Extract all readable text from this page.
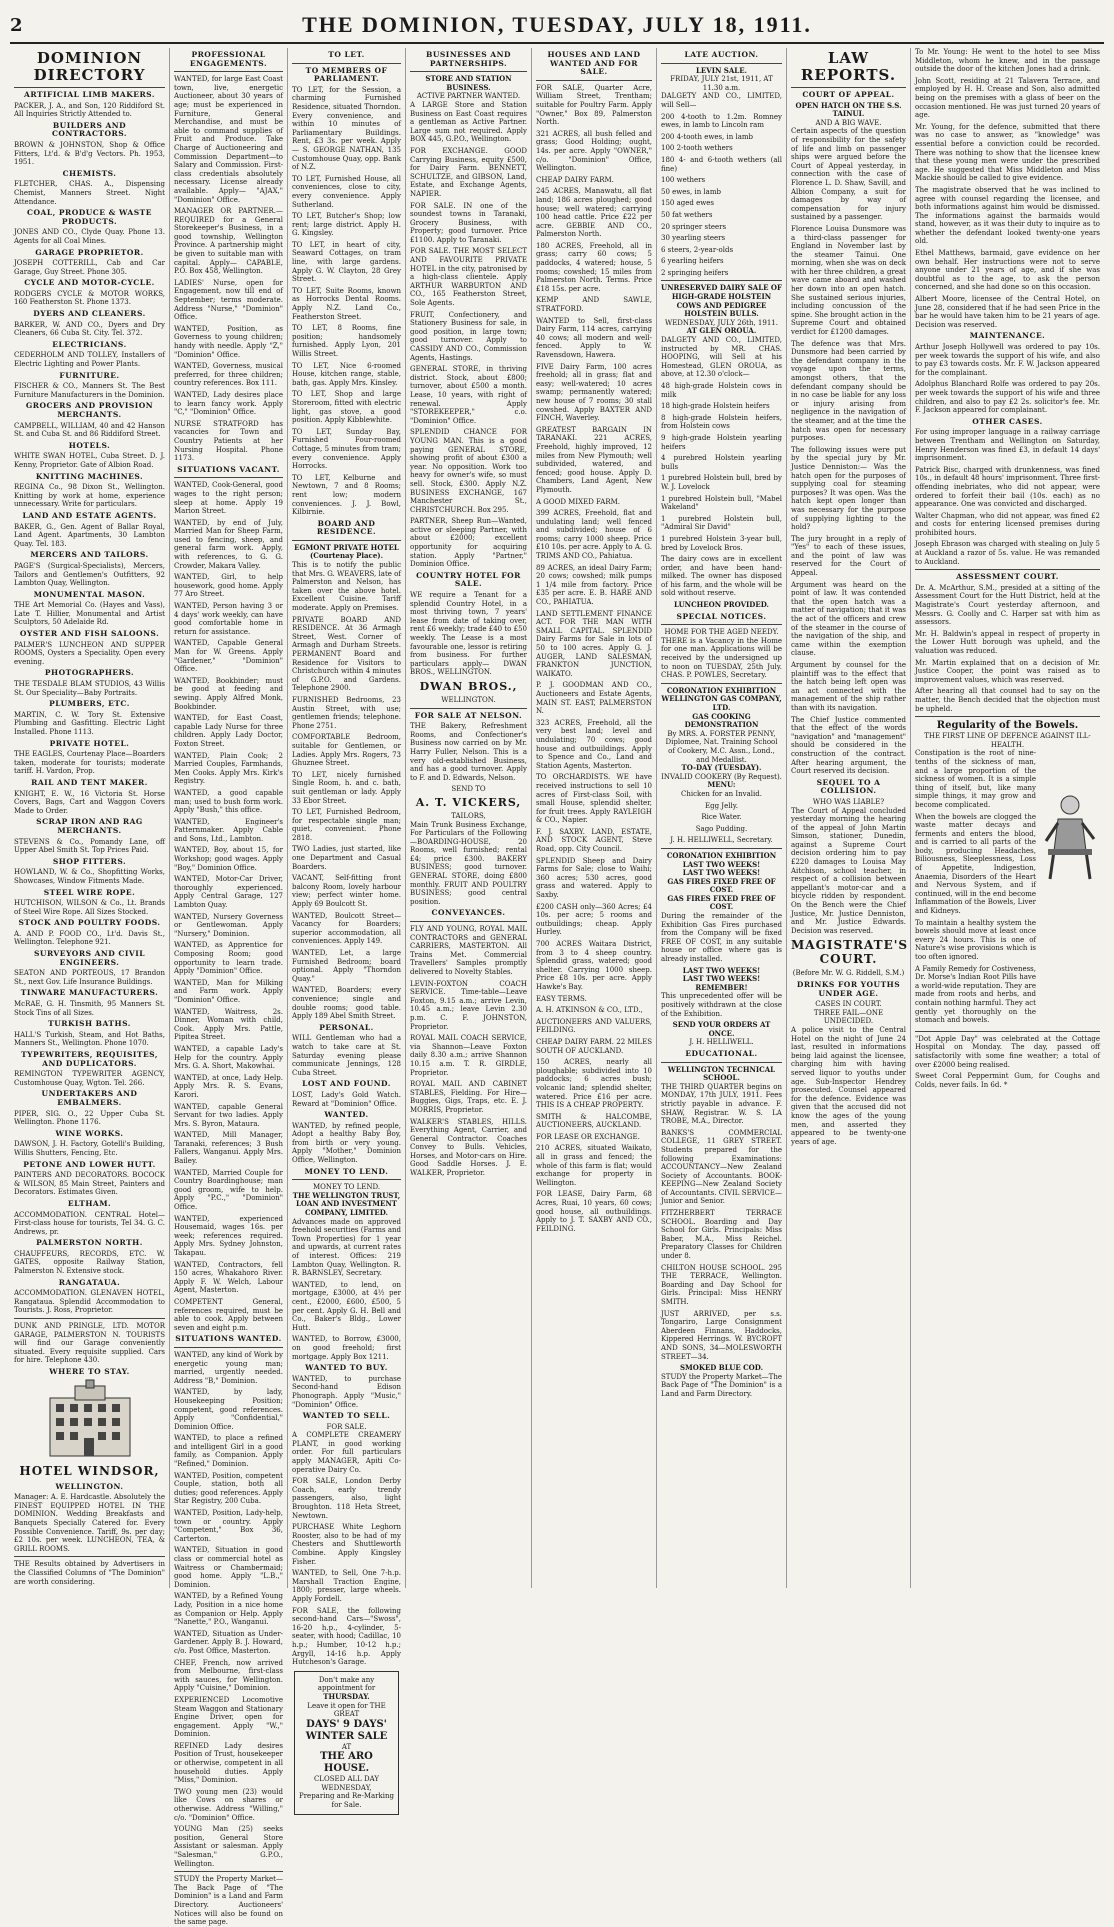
2	THE DOMINION, TUESDAY, JULY 18, 1911.
DOMINION DIRECTORY
ARTIFICIAL LIMB MAKERS.

PACKER, J. A., and Son, 120 Riddiford St. All Inquiries Strictly Attended to.

BUILDERS AND CONTRACTORS.

BROWN & JOHNSTON, Shop & Office Fitters, Lt'd. & B'd'g Vectors. Ph. 1953, 1951.

CHEMISTS.

FLETCHER, CHAS. A., Dispensing Chemist, Manners Street. Night Attendance.

COAL, PRODUCE & WASTE PRODUCTS.

JONES AND CO., Clyde Quay. Phone 13. Agents for all Coal Mines.

GARAGE PROPRIETOR.

JOSEPH COTTERILL, Cab and Car Garage, Guy Street. Phone 305.

CYCLE AND MOTOR-CYCLE.

RODGERS CYCLE & MOTOR WORKS, 160 Featherston St. Phone 1373.

DYERS AND CLEANERS.

BARKER, W. AND CO., Dyers and Dry Cleaners, 66 Cuba St. City. Tel. 372.

ELECTRICIANS.

CEDERHOLM AND TOLLEY, Installers of Electric Lighting and Power Plants.

FURNITURE.

FISCHER & CO., Manners St. The Best Furniture Manufacturers in the Dominion.

GROCERS AND PROVISION MERCHANTS.

CAMPBELL, WILLIAM, 40 and 42 Hanson St. and Cuba St. and 86 Riddiford Street.

HOTELS.

WHITE SWAN HOTEL, Cuba Street. D. J. Kenny, Proprietor. Gate of Albion Road.

KNITTING MACHINES.

REGINA Co., 98 Dixon St., Wellington. Knitting by work at home, experience unnecessary. Write for particulars.

LAND AND ESTATE AGENTS.

BAKER, G., Gen. Agent of Ballar Royal, Land Agent. Apartments, 30 Lambton Quay. Tel. 183.

MERCERS AND TAILORS.

PAGE'S (Surgical-Specialists), Mercers, Tailors and Gentlemen's Outfitters, 92 Lambton Quay, Wellington.

MONUMENTAL MASON.

THE Art Memorial Co. (Hayes and Vass), Late T. Hillier, Monumental and Artist Sculptors, 50 Adelaide Rd.

OYSTER AND FISH SALOONS.

PALMER'S LUNCHEON AND SUPPER ROOMS, Oysters a Speciality. Open every evening.

PHOTOGRAPHERS.

THE TESDALE BLAM STUDIOS, 43 Willis St. Our Speciality—Baby Portraits.

PLUMBERS, ETC.

MARTIN, C. W. Tory St. Extensive Plumbing and Gasfitting. Electric Light Installed. Phone 1113.

PRIVATE HOTEL.

THE EAGLES, Courtenay Place—Boarders taken, moderate for tourists; moderate tariff. H. Vardon, Prop.

RAIL AND TENT MAKER.

KNIGHT, E. W., 16 Victoria St. Horse Covers, Bags, Cart and Waggon Covers Made to Order.

SCRAP IRON AND RAG MERCHANTS.

STEVENS & Co., Pomandy Lane, off Upper Abel Smith St. Top Prices Paid.

SHOP FITTERS.

HOWLAND, W. & Co., Shopfitting Works, Showcases, Window Fitments Made.

STEEL WIRE ROPE.

HUTCHISON, WILSON & Co., Lt. Brands of Steel Wire Rope. All Sizes Stocked.

STOCK AND POULTRY FOODS.

A. AND P. FOOD CO., Lt'd. Davis St., Wellington. Telephone 921.

SURVEYORS AND CIVIL ENGINEERS.

SEATON AND PORTEOUS, 17 Brandon St., next Gov. Life Insurance Buildings.

TINWARE MANUFACTURERS.

McRAE, G. H. Tinsmith, 95 Manners St. Stock Tins of all Sizes.

TURKISH BATHS.

HALL'S Turkish, Steam, and Hot Baths, Manners St., Wellington. Phone 1070.

TYPEWRITERS, REQUISITES, AND DUPLICATORS.

REMINGTON TYPEWRITER AGENCY, Customhouse Quay, Wgton. Tel. 266.

UNDERTAKERS AND EMBALMERS.

PIPER, SIG. O., 22 Upper Cuba St. Wellington. Phone 1176.

WINE WORKS.

DAWSON, J. H. Factory, Gotelli's Building, Willis Shutters, Fencing, Etc.

PETONE AND LOWER HUTT.

PAINTERS AND DECORATORS. BOCOCK & WILSON, 85 Main Street, Painters and Decorators. Estimates Given.

ELTHAM.

ACCOMMODATION. CENTRAL Hotel—First-class house for tourists, Tel 34. G. C. Andrews, pr.

PALMERSTON NORTH.

CHAUFFEURS, RECORDS, ETC. W. GATES, opposite Railway Station, Palmerston N. Extensive stock.

RANGATAUA.

ACCOMMODATION. GLENAVEN HOTEL, Rangataua. Splendid Accommodation to Tourists. J. Ross, Proprietor.

DUNK AND PRINGLE, LTD. MOTOR GARAGE, PALMERSTON N. TOURISTS will find our Garage conveniently situated. Every requisite supplied. Cars for hire. Telephone 430.

WHERE TO STAY.
HOTEL WINDSOR,
WELLINGTON.

Manager: A. E. Hardcastle. Absolutely the FINEST EQUIPPED HOTEL IN THE DOMINION. Wedding Breakfasts and Banquets Specially Catered for. Every Possible Convenience. Tariff, 9s. per day; £2 10s. per week. LUNCHEON, TEA, & GRILL ROOMS.

THE Results obtained by Advertisers in the Classified Columns of "The Dominion" are worth considering.

PROFESSIONAL ENGAGEMENTS.

WANTED, for large East Coast town, live, energetic Auctioneer, about 30 years of age; must be experienced in Furniture, General Merchandise, and must be able to command supplies of Fruit and Produce. Take Charge of Auctioneering and Commission Department—to Salary and Commission. First-class credentials absolutely necessary. License already available. Apply— "AJAX," "Dominion" Office.

MANAGER OR PARTNER.—REQUIRED for a General Storekeeper's Business, in a good township, Wellington Province. A partnership might be given to suitable man with capital. Apply— CAPABLE, P.O. Box 458, Wellington.

LADIES' Nurse, open for Engagement, now till end of September; terms moderate. Address "Nurse," "Dominion" Office.

WANTED, Position, as Governess to young children; handy with needle. Apply "Z," "Dominion" Office.

WANTED, Governess, musical preferred, for three children; country references. Box 111.

WANTED, Lady desires place to learn fancy work. Apply "C," "Dominion" Office.

NURSE STRATFORD has vacancies for Town and Country Patients at her Nursing Hospital. Phone 1173.

SITUATIONS VACANT.

WANTED, Cook-General, good wages to the right person; sleep at home. Apply 19 Marion Street.

WANTED, by end of July, Married Man for Sheep Farm, used to fencing, sheep, and general farm work. Apply, with references, to G. G. Crowder, Makara Valley.

WANTED, Girl, to help housework, good home. Apply 77 Aro Street.

WANTED, Person having 3 or 4 days' work weekly, can have good comfortable home in return for assistance.

WANTED, Capable General Man for W. Greens. Apply "Gardener," "Dominion" Office.

WANTED, Bookbinder; must be good at feeding and sewing. Apply Alfred Monk, Bookbinder.

WANTED, for East Coast, capable Lady Nurse for three children. Apply Lady Doctor, Foxton Street.

WANTED, Plain Cook; 2 Married Couples, Farmhands, Men Cooks. Apply Mrs. Kirk's Registry.

WANTED, a good capable man; used to bush form work. Apply "Bush," this office.

WANTED, Engineer's Patternmaker. Apply Cable and Sons, Ltd., Lambton.

WANTED, Boy, about 15, for Workshop; good wages. Apply "Boy," Dominion Office.

WANTED, Motor-Car Driver, thoroughly experienced. Apply Central Garage, 127 Lambton Quay.

WANTED, Nursery Governess or Gentlewoman. Apply "Nursery," Dominion.

WANTED, as Apprentice for Composing Room; good opportunity to learn trade. Apply "Dominion" Office.

WANTED, Man for Milking and Farm work. Apply "Dominion" Office.

WANTED, Waitress, 2s. Dinner, Woman with child, Cook. Apply Mrs. Pattle, Pipitea Street.

WANTED, a capable Lady's Help for the country. Apply Mrs. G. A. Short, Makowhai.

WANTED, at once, Lady Help. Apply Mrs. R. S. Evans, Karori.

WANTED, capable General Servant for two ladies. Apply Mrs. S. Byron, Mataura.

WANTED, Mill Manager, Taranaki, references; 3 Bush Fallers, Wanganui. Apply Mrs. Bailey.

WANTED, Married Couple for Country Boardinghouse; man good groom, wife to help. Apply "P.C.," "Dominion" Office.

WANTED, experienced Housemaid, wages 16s. per week; references required. Apply Mrs. Sydney Johnston, Takapau.

WANTED, Contractors, fell 150 acres, Whakahoro River. Apply F. W. Welch, Labour Agent, Masterton.

COMPETENT General, references required, must be able to cook. Apply between seven and eight p.m.

SITUATIONS WANTED.

WANTED, any kind of Work by energetic young man; married, urgently needed. Address "B," Dominion.

WANTED, by lady, Housekeeping Position; competent, good references. Apply "Confidential," Dominion Office.

WANTED, to place a refined and intelligent Girl in a good family, as Companion. Apply "Refined," Dominion.

WANTED, Position, competent Couple, station, both all duties; good references. Apply Star Registry, 200 Cuba.

WANTED, Position, Lady-help, town or country. Apply "Competent," Box 36, Carterton.

WANTED, Situation in good class or commercial hotel as Waitress or Chambermaid; good home. Apply "L.B.," Dominion.

WANTED, by a Refined Young Lady, Position in a nice home as Companion or Help. Apply "Nanette," P.O., Wanganui.

WANTED, Situation as Under-Gardener. Apply B. J. Howard, c/o. Post Office, Masterton.

CHEF, French, now arrived from Melbourne, first-class with sauces, for Wellington. Apply "Cuisine," Dominion.

EXPERIENCED Locomotive Steam Waggon and Stationary Engine Driver, open for engagement. Apply "W.," Dominion.

REFINED Lady desires Position of Trust, housekeeper or otherwise, competent in all household duties. Apply "Miss," Dominion.

TWO young men (23) would like Cows on shares or otherwise. Address "Willing," c/o. "Dominion" Office.

YOUNG Man (25) seeks position, General Store Assistant or salesman. Apply "Salesman," G.P.O., Wellington.

STUDY the Property Market—The Back Page of "The Dominion" is a Land and Farm Directory. Auctioneers' Notices will also be found on the same page.

TO LET.
TO MEMBERS OF PARLIAMENT.

TO LET, for the Session, a charming Furnished Residence, situated Thorndon. Every convenience, and within 10 minutes of Parliamentary Buildings. Rent, £3 3s. per week. Apply— S. GEORGE NATHAN, 135 Customhouse Quay, opp. Bank of N.Z.

TO LET, Furnished House, all conveniences, close to city, every convenience. Apply Sutherland.

TO LET, Butcher's Shop; low rent; large district. Apply H. G. Kingsley.

TO LET, in heart of city, Seaward Cottages, on tram line, with large gardens. Apply G. W. Clayton, 28 Grey Street.

TO LET, Suite Rooms, known as Horrocks Dental Rooms. Apply N.Z. Land Co., Featherston Street.

TO LET, 8 Rooms, fine position; handsomely furnished. Apply Lyon, 201 Willis Street.

TO LET, Nice 6-roomed House, kitchen range, stable, bath, gas. Apply Mrs. Kinsley.

TO LET, Shop and large Storeroom, fitted with electric light, gas stove, a good position. Apply Kibblewhite.

TO LET, Sunday Bay, Furnished Four-roomed Cottage, 5 minutes from tram; every convenience. Apply Horrocks.

TO LET, Kelburne and Newtown, 7 and 8 Rooms; rent low; modern conveniences. J. J. Bowl, Kilbirnie.

BOARD AND RESIDENCE.
EGMONT PRIVATE HOTEL (Courtenay Place).

This is to notify the public that Mrs. G. WEAVERS, late of Palmerston and Nelson, has taken over the above hotel. Excellent Cuisine. Tariff moderate. Apply on Premises.

PRIVATE BOARD AND RESIDENCE. At 36 Armagh Street, West. Corner of Armagh and Durham Streets. PERMANENT Board and Residence for Visitors to Christchurch within 4 minutes of G.P.O. and Gardens. Telephone 2900.

FURNISHED Bedrooms, 23 Austin Street, with use; gentlemen friends; telephone. Phone 2751.

COMFORTABLE Bedroom, suitable for Gentlemen, or Ladies. Apply Mrs. Rogers, 73 Ghuznee Street.

TO LET, nicely furnished Single Room, h. and c. bath, suit gentleman or lady. Apply 33 Ebor Street.

TO LET, Furnished Bedroom, for respectable single man; quiet, convenient. Phone 2818.

TWO Ladies, just started, like one Department and Casual Boarders.

VACANT, Self-fitting front balcony Room, lovely harbour view; perfect winter home. Apply 69 Boulcott St.

WANTED, Boulcott Street—Vacancy for Boarders; superior accommodation, all conveniences. Apply 149.

WANTED, Let, a large Furnished Bedroom; board optional. Apply "Thorndon Quay."

WANTED, Boarders; every convenience; single and double rooms; good table. Apply 189 Abel Smith Street.

PERSONAL.

WILL Gentleman who had a watch to take care at St. Saturday evening please communicate Jennings, 128 Cuba Street.

LOST AND FOUND.

LOST, Lady's Gold Watch. Reward at "Dominion" Office.

WANTED.

WANTED, by refined people, Adopt a healthy Baby Boy, from birth or very young. Apply "Mother," Dominion Office, Wellington.

MONEY TO LEND.
MONEY TO LEND.
THE WELLINGTON TRUST, LOAN AND INVESTMENT COMPANY, LIMITED.

Advances made on approved freehold securities (Farms and Town Properties) for 1 year and upwards, at current rates of interest. Offices: 219 Lambton Quay, Wellington. R. R. BARNSLEY, Secretary.

WANTED, to lend, on mortgage, £3000, at 4½ per cent., £2000, £600, £500, 5 per cent. Apply G. H. Bell and Co., Baker's Bldg., Lower Hutt.

WANTED, to Borrow, £3000, on good freehold; first mortgage. Apply Box 1211.

WANTED TO BUY.

WANTED, to purchase Second-hand Edison Phonograph. Apply "Music," "Dominion" Office.

WANTED TO SELL.
FOR SALE.

A COMPLETE CREAMERY PLANT, in good working order. For full particulars apply MANAGER, Apiti Co-operative Dairy Co.

FOR SALE, London Derby Coach, early trendy passengers, also, light Broughton. 118 Heta Street, Newtown.

PURCHASE White Leghorn Rooster, also to be had of my Chesters and Shuttleworth Combine. Apply Kingsley Fisher.

WANTED, to Sell, One 7-h.p. Marshall Traction Engine, 1800; presser, large wheels. Apply Fordell.

FOR SALE, the following second-hand Cars—"Swoss", 16-20 h.p., 4-cylinder, 5-seater, with hood; Cadillac, 10 h.p.; Humber, 10-12 h.p.; Argyll, 14-16 h.p. Apply Hutcheson's Garage.

Don't make any appointment for
THURSDAY.
Leave it open for THE GREAT
DAYS' 9 DAYS'
WINTER SALE
AT
THE ARO HOUSE.
CLOSED ALL DAY WEDNESDAY,
Preparing and Re-Marking for Sale.
BUSINESSES AND PARTNERSHIPS.
STORE AND STATION BUSINESS.
ACTIVE PARTNER WANTED.

A LARGE Store and Station Business on East Coast requires a gentleman as Active Partner. Large sum not required. Apply BOX 445, G.P.O., Wellington.

FOR EXCHANGE. GOOD Carrying Business, equity £500, for Dairy Farm. BENNETT, SCHULTZE, and GIBSON, Land, Estate, and Exchange Agents, NAPIER.

FOR SALE. IN one of the soundest towns in Taranaki, Grocery Business, with Property; good turnover. Price £1100. Apply to Taranaki.

FOR SALE. THE MOST SELECT AND FAVOURITE PRIVATE HOTEL in the city, patronised by a high-class clientele. Apply ARTHUR WARBURTON AND CO., 165 Featherston Street, Sole Agents.

FRUIT, Confectionery, and Stationery Business for sale, in good position, in large town; good turnover. Apply to CASSIDY AND CO., Commission Agents, Hastings.

GENERAL STORE, in thriving district. Stock, about £800; turnover, about £500 a month. Lease, 10 years, with right of renewal. Apply "STOREKEEPER," c.o. "Dominion" Office.

SPLENDID CHANCE FOR YOUNG MAN. This is a good paying GENERAL STORE, showing profit of about £300 a year. No opposition. Work too heavy for owner's wife, so must sell. Stock, £300. Apply N.Z. BUSINESS EXCHANGE, 167 Manchester St., CHRISTCHURCH. Box 295.

PARTNER, Sheep Run—Wanted, active or sleeping Partner, with about £2000; excellent opportunity for acquiring station. Apply "Partner," Dominion Office.

COUNTRY HOTEL FOR SALE.

WE require a Tenant for a splendid Country Hotel, in a most thriving town, 7 years' lease from date of taking over, rent £6 weekly; trade £40 to £50 weekly. The Lease is a most favourable one, lessor is retiring from business. For further particulars apply— DWAN BROS., WELLINGTON.

DWAN BROS.,
WELLINGTON.
FOR SALE AT NELSON.

THE Bakery, Refreshment Rooms, and Confectioner's Business now carried on by Mr. Harry Fuller, Nelson. This is a very old-established Business, and has a good turnover. Apply to F. and D. Edwards, Nelson.

SEND TO
A. T. VICKERS,
TAILORS,

Main Trunk Business Exchange, For Particulars of the Following—BOARDING-HOUSE, 20 Rooms, well furnished; rental £4; price £300. BAKERY BUSINESS; good turnover. GENERAL STORE, doing £800 monthly. FRUIT AND POULTRY BUSINESS; good central position.

CONVEYANCES.

FLY AND YOUNG, ROYAL MAIL CONTRACTORS and GENERAL CARRIERS, MASTERTON. All Trains Met. Commercial Travellers' Samples promptly delivered to Novelty Stables.

LEVIN-FOXTON COACH SERVICE. Time-table—Leave Foxton, 9.15 a.m.; arrive Levin, 10.45 a.m.; leave Levin 2.30 p.m. C. F. JOHNSTON, Proprietor.

ROYAL MAIL COACH SERVICE, via Shannon—Leave Foxton daily 8.30 a.m.; arrive Shannon 10.15 a.m. T. R. GIRDLE, Proprietor.

ROYAL MAIL AND CABINET STABLES, Fielding. For Hire—Buggies, Gigs, Traps, etc. E. J. MORRIS, Proprietor.

WALKER'S STABLES, HILLS. Everything Agent, Carrier, and General Contractor. Coaches Convey to Bulls. Vehicles, Horses, and Motor-cars on Hire. Good Saddle Horses. J. E. WALKER, Proprietor.

HOUSES AND LAND WANTED AND FOR SALE.

FOR SALE, Quarter Acre, William Street, Trentham; suitable for Poultry Farm. Apply "Owner," Box 89, Palmerston North.

321 ACRES, all bush felled and grass; Good Holding; ought, 14s. per acre. Apply "OWNER," c/o. "Dominion" Office, Wellington.

CHEAP DAIRY FARM.

245 ACRES, Manawatu, all flat land; 186 acres ploughed; good house; well watered; carrying 100 head cattle. Price £22 per acre. GEBBIE AND CO., Palmerston North.

180 ACRES, Freehold, all in grass; carry 60 cows; 5 paddocks, 4 watered; house, 5 rooms; cowshed; 15 miles from Palmerston North. Terms. Price £18 15s. per acre.

KEMP AND SAWLE, STRATFORD.

WANTED to Sell, first-class Dairy Farm, 114 acres, carrying 40 cows; all modern and well-fenced. Apply to W. Ravensdown, Hawera.

FIVE Dairy Farm, 100 acres freehold; all in grass; flat and easy; well-watered; 10 acres swamp; permanently watered; new house of 7 rooms; 30 stall cowshed. Apply BAXTER AND FINCH, Waverley.

GREATEST BARGAIN IN TARANAKI. 221 ACRES, Freehold, highly improved, 12 miles from New Plymouth; well subdivided, watered, and fenced; good house. Apply D. Chambers, Land Agent, New Plymouth.

A GOOD MIXED FARM.

399 ACRES, Freehold, flat and undulating land; well fenced and subdivided; house of 6 rooms; carry 1000 sheep. Price £10 10s. per acre. Apply to A. G. TRIMS AND CO., Pahiatua.

89 ACRES, an ideal Dairy Farm; 20 cows; cowshed; milk pumps 1 1/4 mile from factory. Price £35 per acre. E. B. HARE AND CO., PAHIATUA.

LAND SETTLEMENT FINANCE ACT. FOR THE MAN WITH SMALL CAPITAL. SPLENDID Dairy Farms for Sale in lots of 50 to 100 acres. Apply G. J. AUGER, LAND SALESMAN, FRANKTON JUNCTION, WAIKATO.

P. J. GOODMAN AND CO., Auctioneers and Estate Agents, MAIN ST. EAST, PALMERSTON N.

323 ACRES, Freehold, all the very best land; level and undulating; 70 cows; good house and outbuildings. Apply to Spence and Co., Land and Station Agents, Masterton.

TO ORCHARDISTS. WE have received instructions to sell 10 acres of First-class Soil, with small House, splendid shelter, for fruit trees. Apply RAYLEIGH & CO., Napier.

F. J. SAXBY. LAND, ESTATE, AND STOCK AGENT, Steve Road, opp. City Council.

SPLENDID Sheep and Dairy Farms for Sale; close to Waihi; 360 acres; 530 acres, good grass and watered. Apply to Saxby.

£200 CASH only—360 Acres; £4 10s. per acre; 5 rooms and outbuildings; cheap. Apply Hurley.

700 ACRES Waitara District, from 3 to 4 sheep country. Splendid grass, watered; good shelter. Carrying 1000 sheep. Price £8 10s. per acre. Apply Hawke's Bay.

EASY TERMS.

A. H. ATKINSON & CO., LTD.,

AUCTIONEERS AND VALUERS, FEILDING.

CHEAP DAIRY FARM. 22 MILES SOUTH OF AUCKLAND.

150 ACRES, nearly all ploughable; subdivided into 10 paddocks; 6 acres bush; volcanic land; splendid shelter, watered. Price £16 per acre. THIS IS A CHEAP PROPERTY.

SMITH & HALCOMBE, AUCTIONEERS, AUCKLAND.

FOR LEASE OR EXCHANGE.

210 ACRES, situated Waikato, all in grass and fenced; the whole of this farm is flat; would exchange for property in Wellington.

FOR LEASE, Dairy Farm, 68 Acres, Ruai, 10 years, 60 cows; good house, all outbuildings. Apply to J. T. SAXBY AND CO., FEILDING.

LATE AUCTION.
LEVIN SALE.
FRIDAY, JULY 21st, 1911, AT 11.30 a.m.

DALGETY AND CO., LIMITED, will Sell—

200 4-tooth to 1.2m. Romney ewes, in lamb to Lincoln ram

200 4-tooth ewes, in lamb

100 2-tooth wethers

180 4- and 6-tooth wethers (all fine)

100 wethers

50 ewes, in lamb

150 aged ewes

50 fat wethers

20 springer steers

30 yearling steers

6 steers, 2-year-olds

6 yearling heifers

2 springing heifers

UNRESERVED DAIRY SALE OF HIGH-GRADE HOLSTEIN COWS AND PEDIGREE HOLSTEIN BULLS.
WEDNESDAY, JULY 26th, 1911.
AT GLEN OROUA.

DALGETY AND CO., LIMITED, instructed by MR. CHAS. HOOPING, will Sell at his Homestead, GLEN OROUA, as above, at 12.30 o'clock—

48 high-grade Holstein cows in milk

18 high-grade Holstein heifers

8 high-grade Holstein heifers, from Holstein cows

9 high-grade Holstein yearling heifers

4 purebred Holstein yearling bulls

1 purebred Holstein bull, bred by W. J. Lovelock

1 purebred Holstein bull, "Mabel Wakeland"

1 purebred Holstein bull, "Admiral Sir David"

1 purebred Holstein 3-year bull, bred by Lovelock Bros.

The dairy cows are in excellent order, and have been hand-milked. The owner has disposed of his farm, and the whole will be sold without reserve.

LUNCHEON PROVIDED.
SPECIAL NOTICES.
HOME FOR THE AGED NEEDY.

THERE is a Vacancy in the Home for one man. Applications will be received by the undersigned up to noon on TUESDAY, 25th July. CHAS. P. POWLES, Secretary.

CORONATION EXHIBITION
WELLINGTON GAS COMPANY, LTD.
GAS COOKING DEMONSTRATION
By MRS. A. FORSTER PENNY,
Diplomee, Nat. Training School of Cookery, M.C. Assn., Lond., and Medallist.
TO-DAY (TUESDAY).
INVALID COOKERY (By Request).
MENU:

Chicken for an Invalid.

Egg Jelly.

Rice Water.

Sago Pudding.

J. H. HELLIWELL, Secretary.
CORONATION EXHIBITION
LAST TWO WEEKS!
LAST TWO WEEKS!
GAS FIRES FIXED FREE OF COST.
GAS FIRES FIXED FREE OF COST.

During the remainder of the Exhibition Gas Fires purchased from the Company will be fixed FREE OF COST, in any suitable house or office where gas is already installed.

LAST TWO WEEKS!
LAST TWO WEEKS!
REMEMBER!

This unprecedented offer will be positively withdrawn at the close of the Exhibition.

SEND YOUR ORDERS AT ONCE.
J. H. HELLIWELL.
EDUCATIONAL.
WELLINGTON TECHNICAL SCHOOL.

THE THIRD QUARTER begins on MONDAY, 17th JULY, 1911. Fees strictly payable in advance. F. SHAW, Registrar. W. S. LA TROBE, M.A., Director.

BANKS'S COMMERCIAL COLLEGE, 11 GREY STREET. Students prepared for the following Examinations: ACCOUNTANCY—New Zealand Society of Accountants. BOOK-KEEPING—New Zealand Society of Accountants. CIVIL SERVICE—Junior and Senior.

FITZHERBERT TERRACE SCHOOL. Boarding and Day School for Girls. Principals: Miss Baber, M.A., Miss Reichel. Preparatory Classes for Children under 8.

CHILTON HOUSE SCHOOL. 295 THE TERRACE, Wellington. Boarding and Day School for Girls. Principal: Miss HENRY SMITH.

JUST ARRIVED, per s.s. Tongariro, Large Consignment Aberdeen Finnans, Haddocks, Kippered Herrings. W. BYCROFT AND SONS, 34—MOLESWORTH STREET—34.

SMOKED BLUE COD.

STUDY the Property Market—The Back Page of "The Dominion" is a Land and Farm Directory.

LAW REPORTS.
COURT OF APPEAL.
OPEN HATCH ON THE S.S. TAINUI.
AND A BIG WAVE.

Certain aspects of the question of responsibility for the safety of life and limb on passenger ships were argued before the Court of Appeal yesterday, in connection with the case of Florence L. D. Shaw, Savill, and Albion Company, a suit for damages by way of compensation for injury sustained by a passenger.

Florence Louisa Dunsmore was a third-class passenger for England in November last by the steamer Tainui. One morning, when she was on deck with her three children, a great wave came aboard and washed her down into an open hatch. She sustained serious injuries, including concussion of the spine. She brought action in the Supreme Court and obtained verdict for £1200 damages.

The defence was that Mrs. Dunsmore had been carried by the defendant company in the voyage upon the terms, amongst others, that the defendant company should be in no case be liable for any loss or injury arising from negligence in the navigation of the steamer, and at the time the hatch was open for necessary purposes.

The following issues were put by the special jury by Mr. Justice Denniston:— Was the hatch open for the purposes of supplying coal for steaming purposes? It was open. Was the hatch kept open longer than was necessary for the purpose of supplying lighting to the hold?

The jury brought in a reply of "Yes" to each of these issues, and the point of law was reserved for the Court of Appeal.

Argument was heard on the point of law. It was contended that the open hatch was a matter of navigation; that it was the act of the officers and crew of the steamer in the course of the navigation of the ship, and came within the exemption clause.

Argument by counsel for the plaintiff was to the effect that the hatch being left open was an act connected with the management of the ship rather than with its navigation.

The Chief Justice commented that the effect of the words "navigation" and "management" should be considered in the construction of the contract. After hearing argument, the Court reserved its decision.

SEQUEL TO A COLLISION.
WHO WAS LIABLE?

The Court of Appeal concluded yesterday morning the hearing of the appeal of John Martin Simson, stationer, Dunedin, against a Supreme Court decision ordering him to pay £220 damages to Louisa May Aitchison, school teacher, in respect of a collision between appellant's motor-car and a bicycle ridden by respondent. On the Bench were the Chief Justice, Mr. Justice Denniston, and Mr. Justice Edwards. Decision was reserved.

MAGISTRATE'S COURT.
(Before Mr. W. G. Riddell, S.M.)
DRINKS FOR YOUTHS UNDER AGE.
CASES IN COURT.
THREE FAIL—ONE UNDECIDED.

A police visit to the Central Hotel on the night of June 24 last, resulted in informations being laid against the licensee, charging him with having served liquor to youths under age. Sub-Inspector Hendrey prosecuted. Counsel appeared for the defence. Evidence was given that the accused did not know the ages of the young men, and asserted they appeared to be twenty-one years of age.

To Mr. Young: He went to the hotel to see Miss Middleton, whom he knew, and in the passage outside the door of the kitchen Jones had a drink.

John Scott, residing at 21 Talavera Terrace, and employed by H. H. Crease and Son, also admitted being on the premises with a glass of beer on the occasion mentioned. He was just turned 20 years of age.

Mr. Young, for the defence, submitted that there was no case to answer, as "knowledge" was essential before a conviction could be recorded. There was nothing to show that the licensee knew that these young men were under the prescribed age. He suggested that Miss Middleton and Miss Mackie should be called to give evidence.

The magistrate observed that he was inclined to agree with counsel regarding the licensee, and both informations against him would be dismissed. The informations against the barmaids would stand, however, as it was their duty to inquire as to whether the defendant looked twenty-one years old.

Ethel Matthews, barmaid, gave evidence on her own behalf. Her instructions were not to serve anyone under 21 years of age, and if she was doubtful as to the age, to ask the person concerned, and she had done so on this occasion.

Albert Moore, licensee of the Central Hotel, on June 28, considered that if he had seen Price in the bar he would have taken him to be 21 years of age. Decision was reserved.

MAINTENANCE.

Arthur Joseph Hollywell was ordered to pay 10s. per week towards the support of his wife, and also to pay £3 towards costs. Mr. F. W. Jackson appeared for the complainant.

Adolphus Blanchard Rolfe was ordered to pay 20s. per week towards the support of his wife and three children, and also to pay £2 2s. solicitor's fee. Mr. F. Jackson appeared for complainant.

OTHER CASES.

For using improper language in a railway carriage between Trentham and Wellington on Saturday, Henry Henderson was fined £3, in default 14 days' imprisonment.

Patrick Bisc, charged with drunkenness, was fined 10s., in default 48 hours' imprisonment. Three first-offending inebriates, who did not appear, were ordered to forfeit their bail (10s. each) as no appearance. One was convicted and discharged.

Walter Chapman, who did not appear, was fined £2 and costs for entering licensed premises during prohibited hours.

Joseph Ebrason was charged with stealing on July 5 at Auckland a razor of 5s. value. He was remanded to Auckland.

ASSESSMENT COURT.

Dr. A. McArthur, S.M., presided at a sitting of the Assessment Court for the Hutt District, held at the Magistrate's Court yesterday afternoon, and Messrs. G. Coolly and C. Harper sat with him as assessors.

Mr. H. Baldwin's appeal in respect of property in the Lower Hutt borough was upheld, and the valuation was reduced.

Mr. Martin explained that on a decision of Mr. Justice Cooper, the point was raised as to improvement values, which was reserved.

After hearing all that counsel had to say on the matter, the Bench decided that the objection must be upheld.

Regularity of the Bowels.
THE FIRST LINE OF DEFENCE AGAINST ILL-HEALTH.

Constipation is the root of nine-tenths of the sickness of man, and a large proportion of the sickness of women. It is a simple thing of itself, but, like many simple things, it may grow and become complicated.

When the bowels are clogged the waste matter decays and ferments and enters the blood, and is carried to all parts of the body, producing Headaches, Biliousness, Sleeplessness, Loss of Appetite, Indigestion, Anaemia, Disorders of the Heart and Nervous System, and if continued, will in the end become Inflammation of the Bowels, Liver and Kidneys.

To maintain a healthy system the bowels should move at least once every 24 hours. This is one of Nature's wise provisions which is too often ignored.

A Family Remedy for Costiveness, Dr. Morse's Indian Root Pills have a world-wide reputation. They are made from roots and herbs, and contain nothing harmful. They act gently yet thoroughly on the stomach and bowels.

"Dot Apple Day" was celebrated at the Cottage Hospital on Monday. The day, passed off satisfactorily with some fine weather; a total of over £2000 being realised.

Sweet Coral Peppermint Gum, for Coughs and Colds, never fails. In 6d. *
